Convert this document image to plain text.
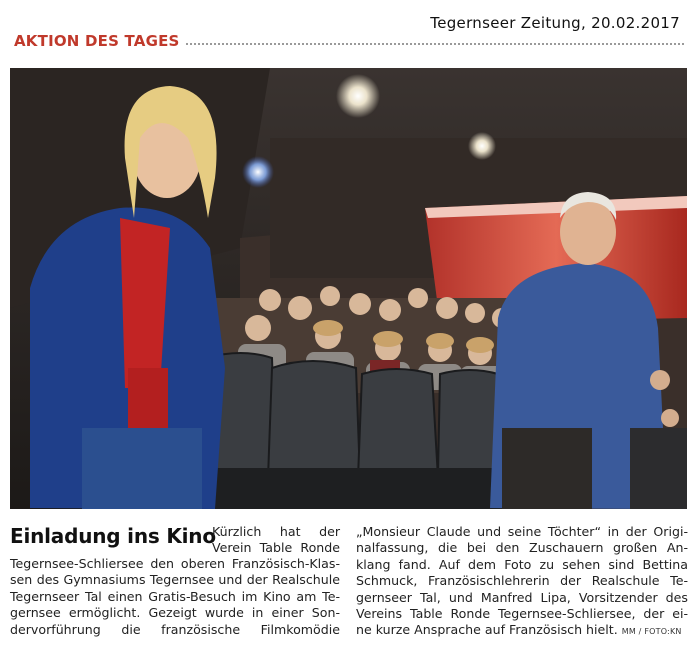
Tegernseer Zeitung, 20.02.2017
AKTION DES TAGES
Einladung ins Kino
Kürzlich hat der
Verein Table Ronde
Tegernsee-Schliersee den oberen Französisch-Klas-
sen des Gymnasiums Tegernsee und der Realschule
Tegernseer Tal einen Gratis-Besuch im Kino am Te-
gernsee ermöglicht. Gezeigt wurde in einer Son-
dervorführung die französische Filmkomödie
„Monsieur Claude und seine Töchter“ in der Origi-
nalfassung, die bei den Zuschauern großen An-
klang fand. Auf dem Foto zu sehen sind Bettina
Schmuck, Französischlehrerin der Realschule Te-
gernseer Tal, und Manfred Lipa, Vorsitzender des
Vereins Table Ronde Tegernsee-Schliersee, der ei-
ne kurze Ansprache auf Französisch hielt. MM / FOTO:KN
